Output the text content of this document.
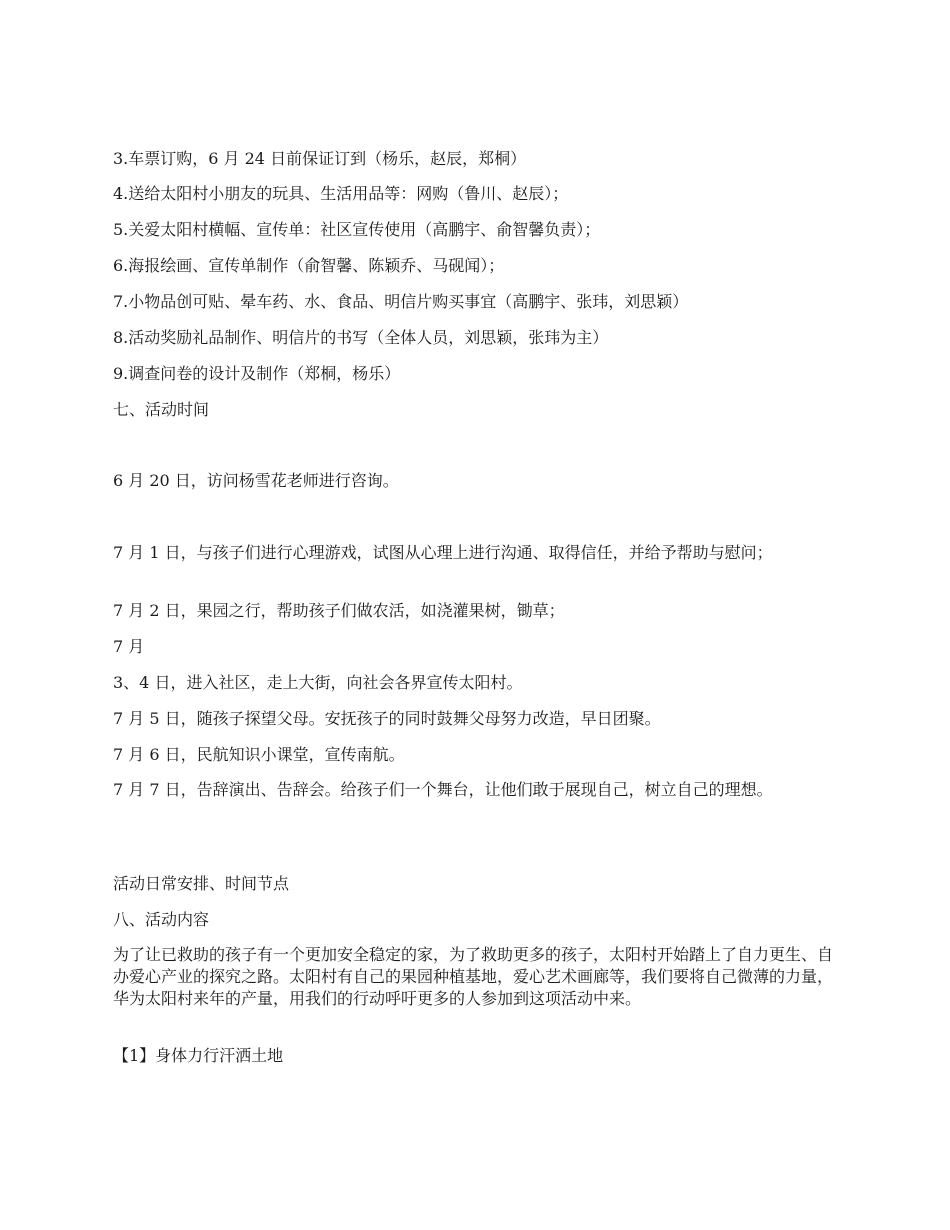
3.车票订购，6 月 24 日前保证订到（杨乐，赵辰，郑桐）

4.送给太阳村小朋友的玩具、生活用品等：网购（鲁川、赵辰）；

5.关爱太阳村横幅、宣传单：社区宣传使用（高鹏宇、俞智馨负责）；

6.海报绘画、宣传单制作（俞智馨、陈颖乔、马砚闻）；

7.小物品创可贴、晕车药、水、食品、明信片购买事宜（高鹏宇、张玮，刘思颖）

8.活动奖励礼品制作、明信片的书写（全体人员，刘思颖，张玮为主）

9.调查问卷的设计及制作（郑桐，杨乐）

七、活动时间

6 月 20 日，访问杨雪花老师进行咨询。

7 月 1 日，与孩子们进行心理游戏，试图从心理上进行沟通、取得信任，并给予帮助与慰问；

7 月 2 日，果园之行，帮助孩子们做农活，如浇灌果树，锄草；

7 月

3、4 日，进入社区，走上大街，向社会各界宣传太阳村。

7 月 5 日，随孩子探望父母。安抚孩子的同时鼓舞父母努力改造，早日团聚。

7 月 6 日，民航知识小课堂，宣传南航。

7 月 7 日，告辞演出、告辞会。给孩子们一个舞台，让他们敢于展现自己，树立自己的理想。

活动日常安排、时间节点

八、活动内容

为了让已救助的孩子有一个更加安全稳定的家，为了救助更多的孩子，太阳村开始踏上了自力更生、自办爱心产业的探究之路。太阳村有自己的果园种植基地，爱心艺术画廊等，我们要将自己微薄的力量，华为太阳村来年的产量，用我们的行动呼吁更多的人参加到这项活动中来。

【1】身体力行汗洒土地
